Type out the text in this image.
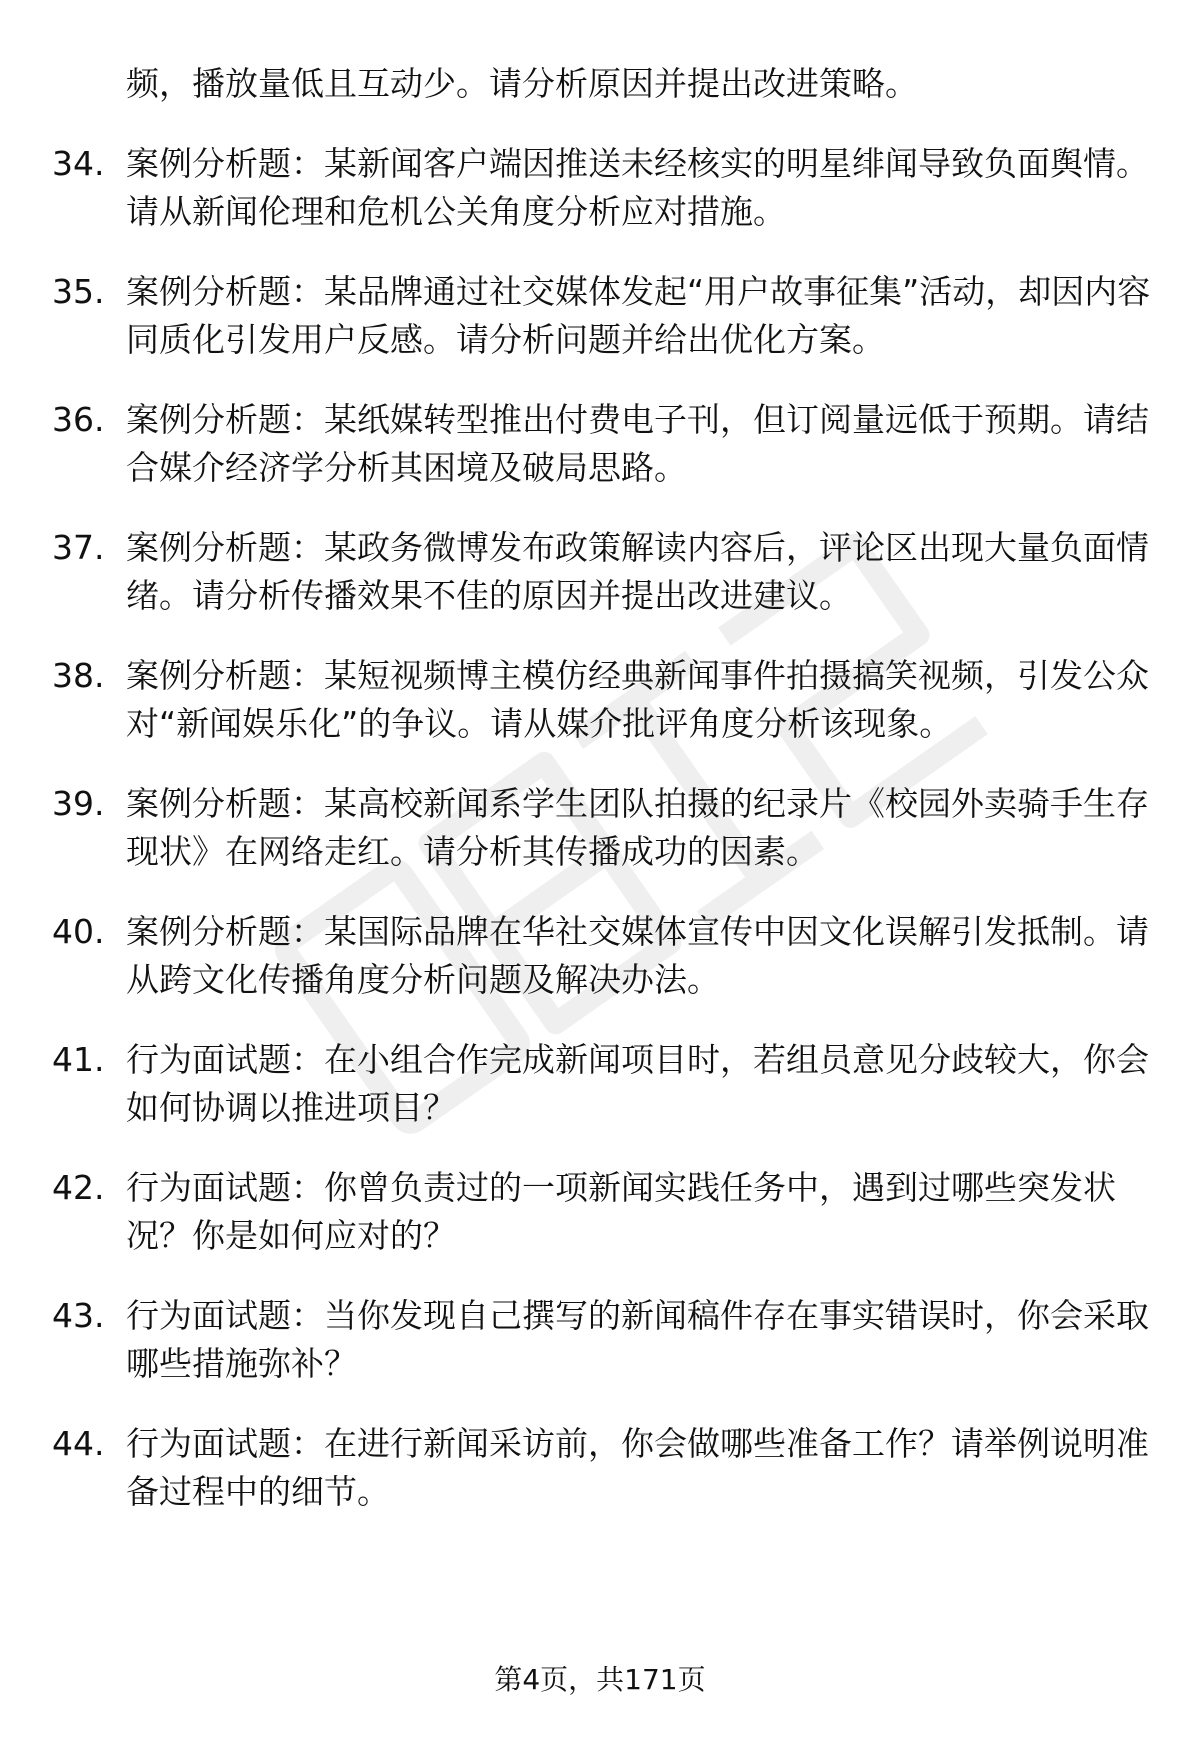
频，播放量低且互动少。请分析原因并提出改进策略。
34. 案例分析题：某新闻客户端因推送未经核实的明星绯闻导致负面舆情。请从新闻伦理和危机公关角度分析应对措施。
35. 案例分析题：某品牌通过社交媒体发起“用户故事征集”活动，却因内容同质化引发用户反感。请分析问题并给出优化方案。
36. 案例分析题：某纸媒转型推出付费电子刊，但订阅量远低于预期。请结合媒介经济学分析其困境及破局思路。
37. 案例分析题：某政务微博发布政策解读内容后，评论区出现大量负面情绪。请分析传播效果不佳的原因并提出改进建议。
38. 案例分析题：某短视频博主模仿经典新闻事件拍摄搞笑视频，引发公众对“新闻娱乐化”的争议。请从媒介批评角度分析该现象。
39. 案例分析题：某高校新闻系学生团队拍摄的纪录片《校园外卖骑手生存现状》在网络走红。请分析其传播成功的因素。
40. 案例分析题：某国际品牌在华社交媒体宣传中因文化误解引发抵制。请从跨文化传播角度分析问题及解决办法。
41. 行为面试题：在小组合作完成新闻项目时，若组员意见分歧较大，你会如何协调以推进项目？
42. 行为面试题：你曾负责过的一项新闻实践任务中，遇到过哪些突发状况？你是如何应对的？
43. 行为面试题：当你发现自己撰写的新闻稿件存在事实错误时，你会采取哪些措施弥补？
44. 行为面试题：在进行新闻采访前，你会做哪些准备工作？请举例说明准备过程中的细节。
第4页，共171页
